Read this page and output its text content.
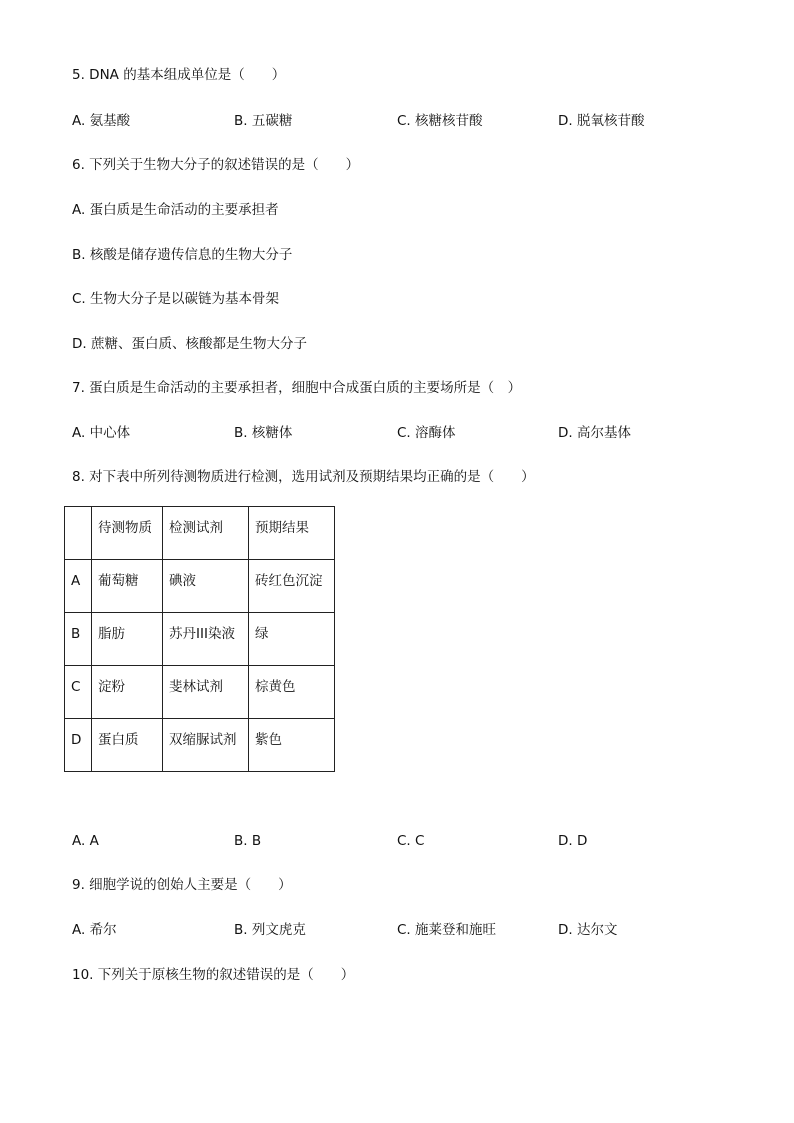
5. DNA 的基本组成单位是（　　）
A. 氨基酸	B. 五碳糖	C. 核糖核苷酸	D. 脱氧核苷酸
6. 下列关于生物大分子的叙述错误的是（　　）
A. 蛋白质是生命活动的主要承担者
B. 核酸是储存遗传信息的生物大分子
C. 生物大分子是以碳链为基本骨架
D. 蔗糖、蛋白质、核酸都是生物大分子
7. 蛋白质是生命活动的主要承担者，细胞中合成蛋白质的主要场所是（　）
A. 中心体	B. 核糖体	C. 溶酶体	D. 高尔基体
8. 对下表中所列待测物质进行检测，选用试剂及预期结果均正确的是（　　）
	待测物质	检测试剂	预期结果
A	葡萄糖	碘液	砖红色沉淀
B	脂肪	苏丹III染液	绿
C	淀粉	斐林试剂	棕黄色
D	蛋白质	双缩脲试剂	紫色
A. A	B. B	C. C	D. D
9. 细胞学说的创始人主要是（　　）
A. 希尔	B. 列文虎克	C. 施莱登和施旺	D. 达尔文
10. 下列关于原核生物的叙述错误的是（　　）
